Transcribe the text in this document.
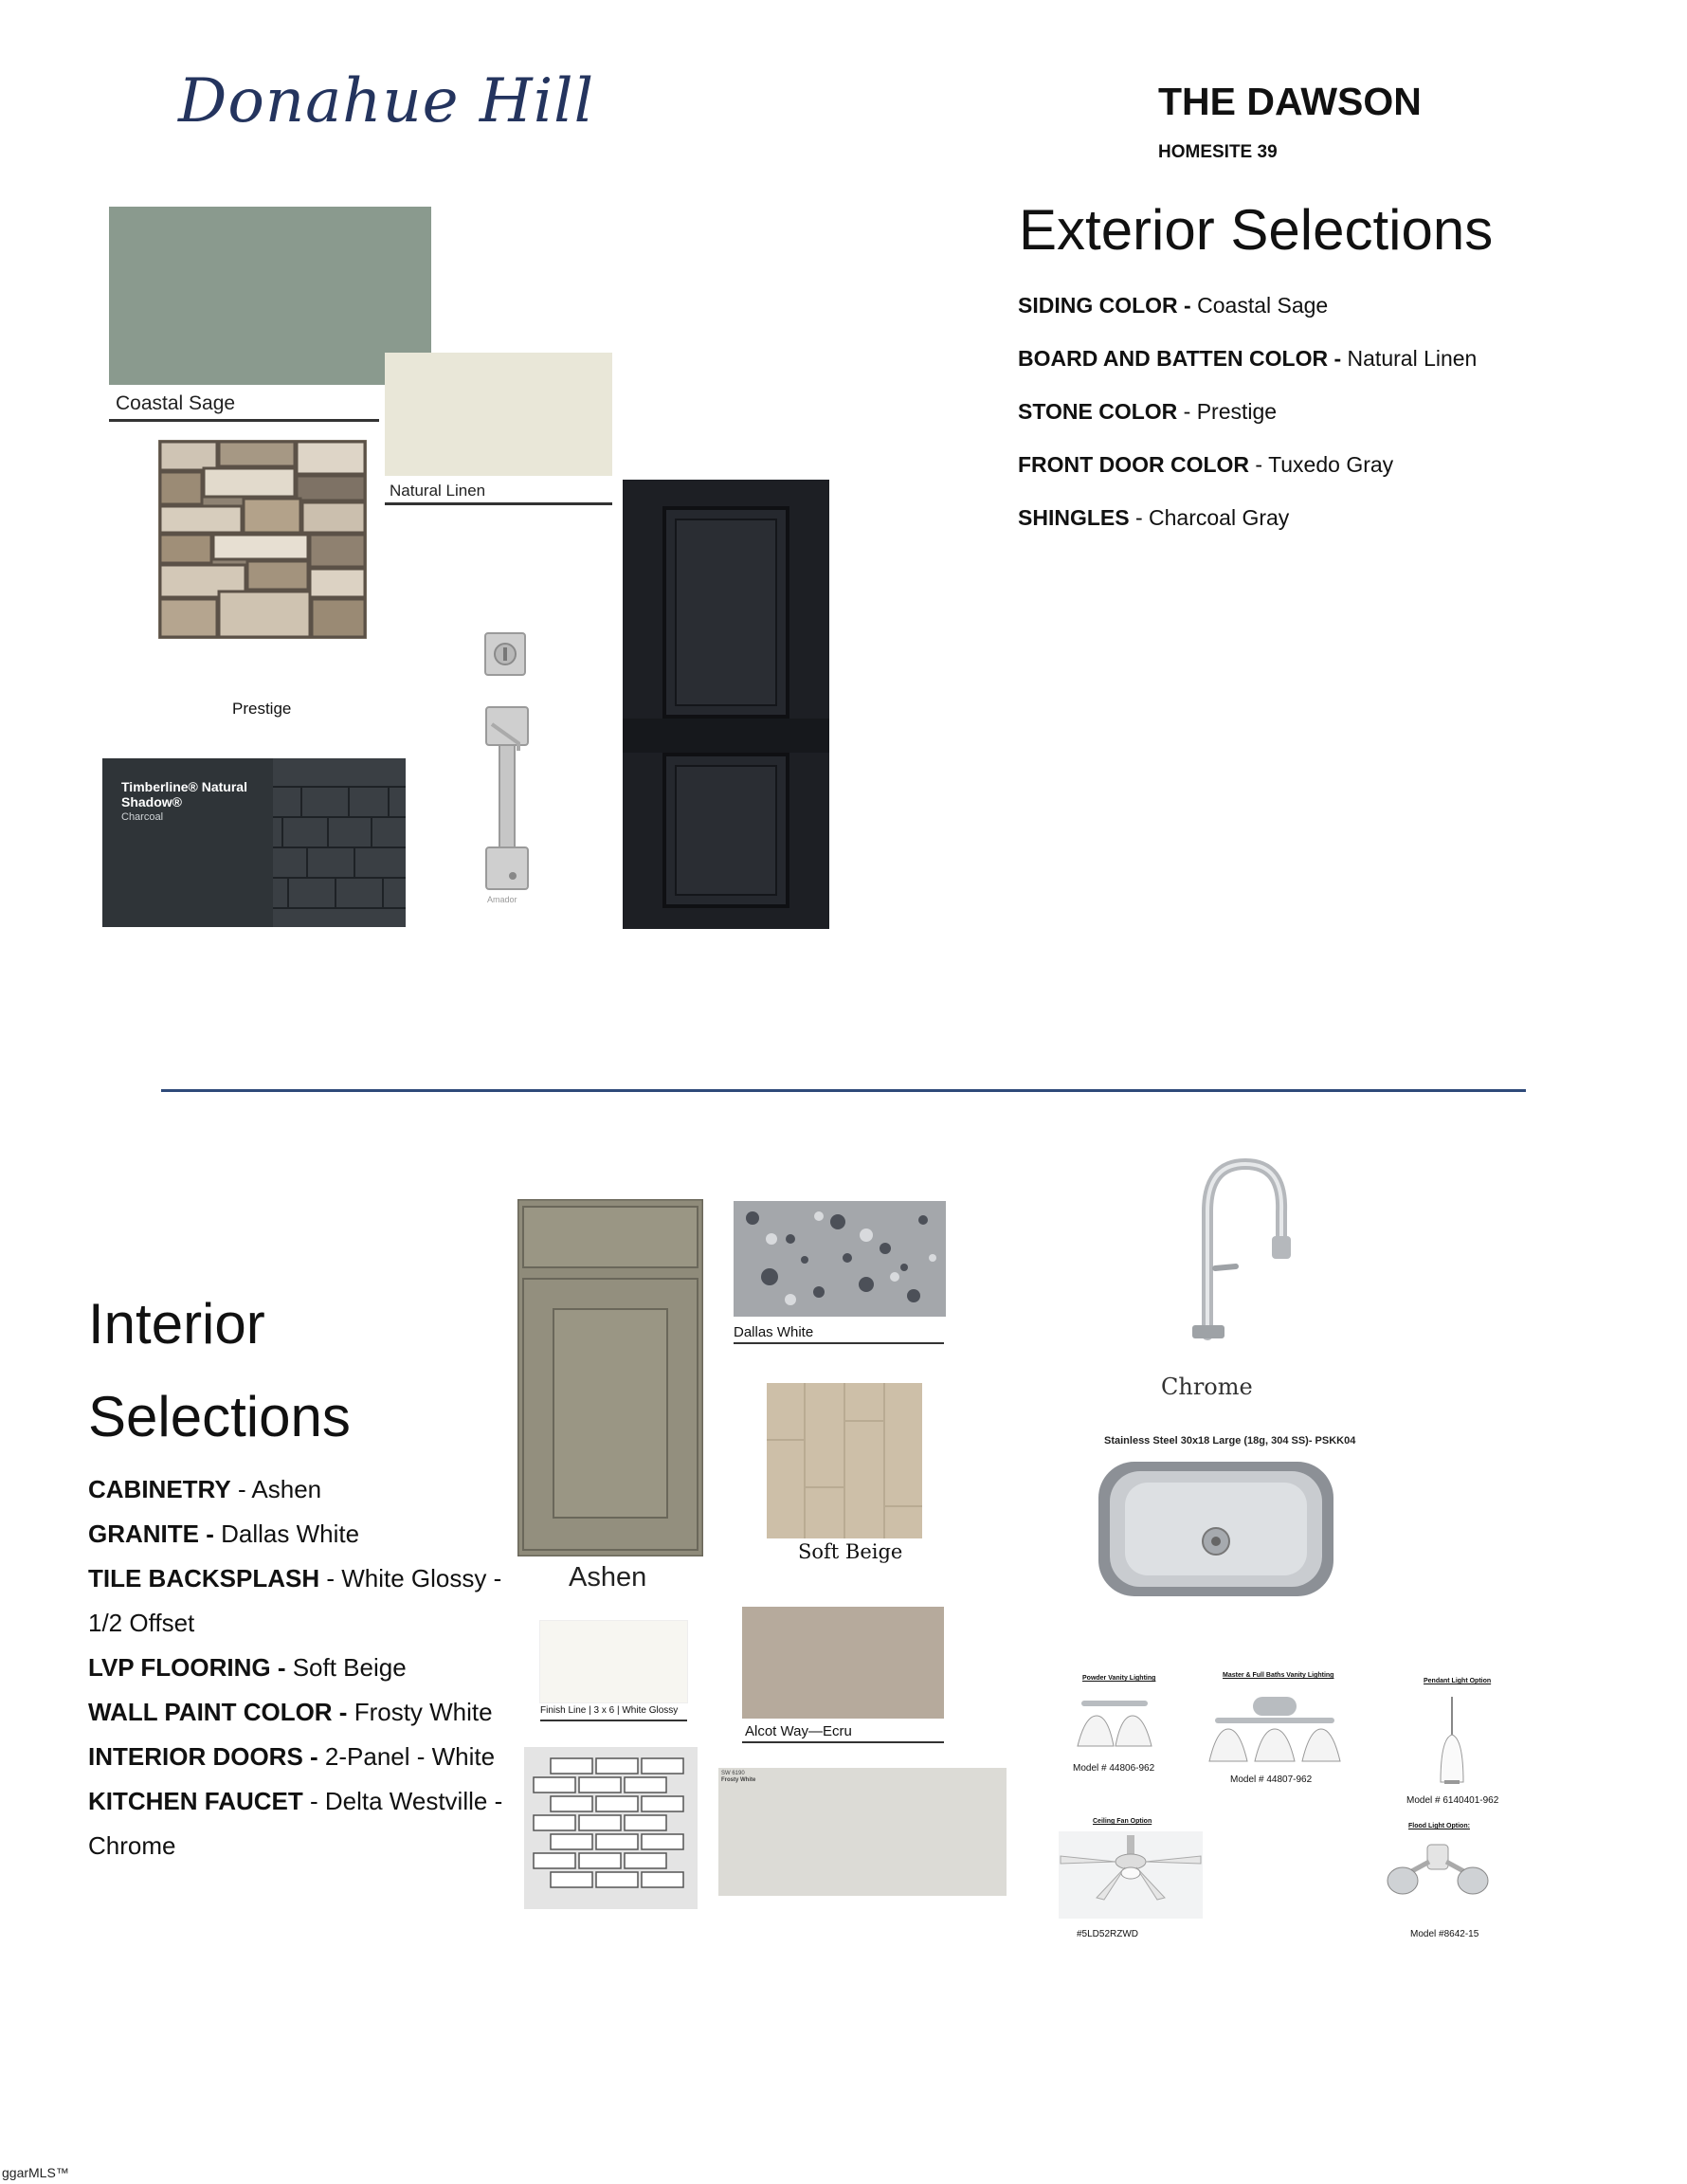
Donahue Hill	THE DAWSON
HOMESITE 39
Exterior Selections
SIDING COLOR - Coastal Sage
BOARD AND BATTEN COLOR - Natural Linen
STONE COLOR - Prestige
FRONT DOOR COLOR - Tuxedo Gray
SHINGLES - Charcoal Gray
Coastal Sage
Natural Linen
Prestige
Timberline® Natural Shadow®
Charcoal
Amador
Interior
Selections
CABINETRY - Ashen
GRANITE - Dallas White
TILE BACKSPLASH - White Glossy - 1/2 Offset
LVP FLOORING - Soft Beige
WALL PAINT COLOR - Frosty White
INTERIOR DOORS - 2-Panel - White
KITCHEN FAUCET - Delta Westville - Chrome
Ashen
Dallas White
Soft Beige
Alcot Way—Ecru
Finish Line | 3 x 6 | White Glossy
SW 6190
Frosty White
Chrome
Stainless Steel 30x18 Large (18g, 304 SS)- PSKK04
Powder Vanity Lighting
Model # 44806-962
Master & Full Baths Vanity Lighting
Model # 44807-962
Pendant Light Option
Model # 6140401-962
Ceiling Fan Option
#5LD52RZWD
Flood Light Option:
Model #8642-15
ggarMLS™
